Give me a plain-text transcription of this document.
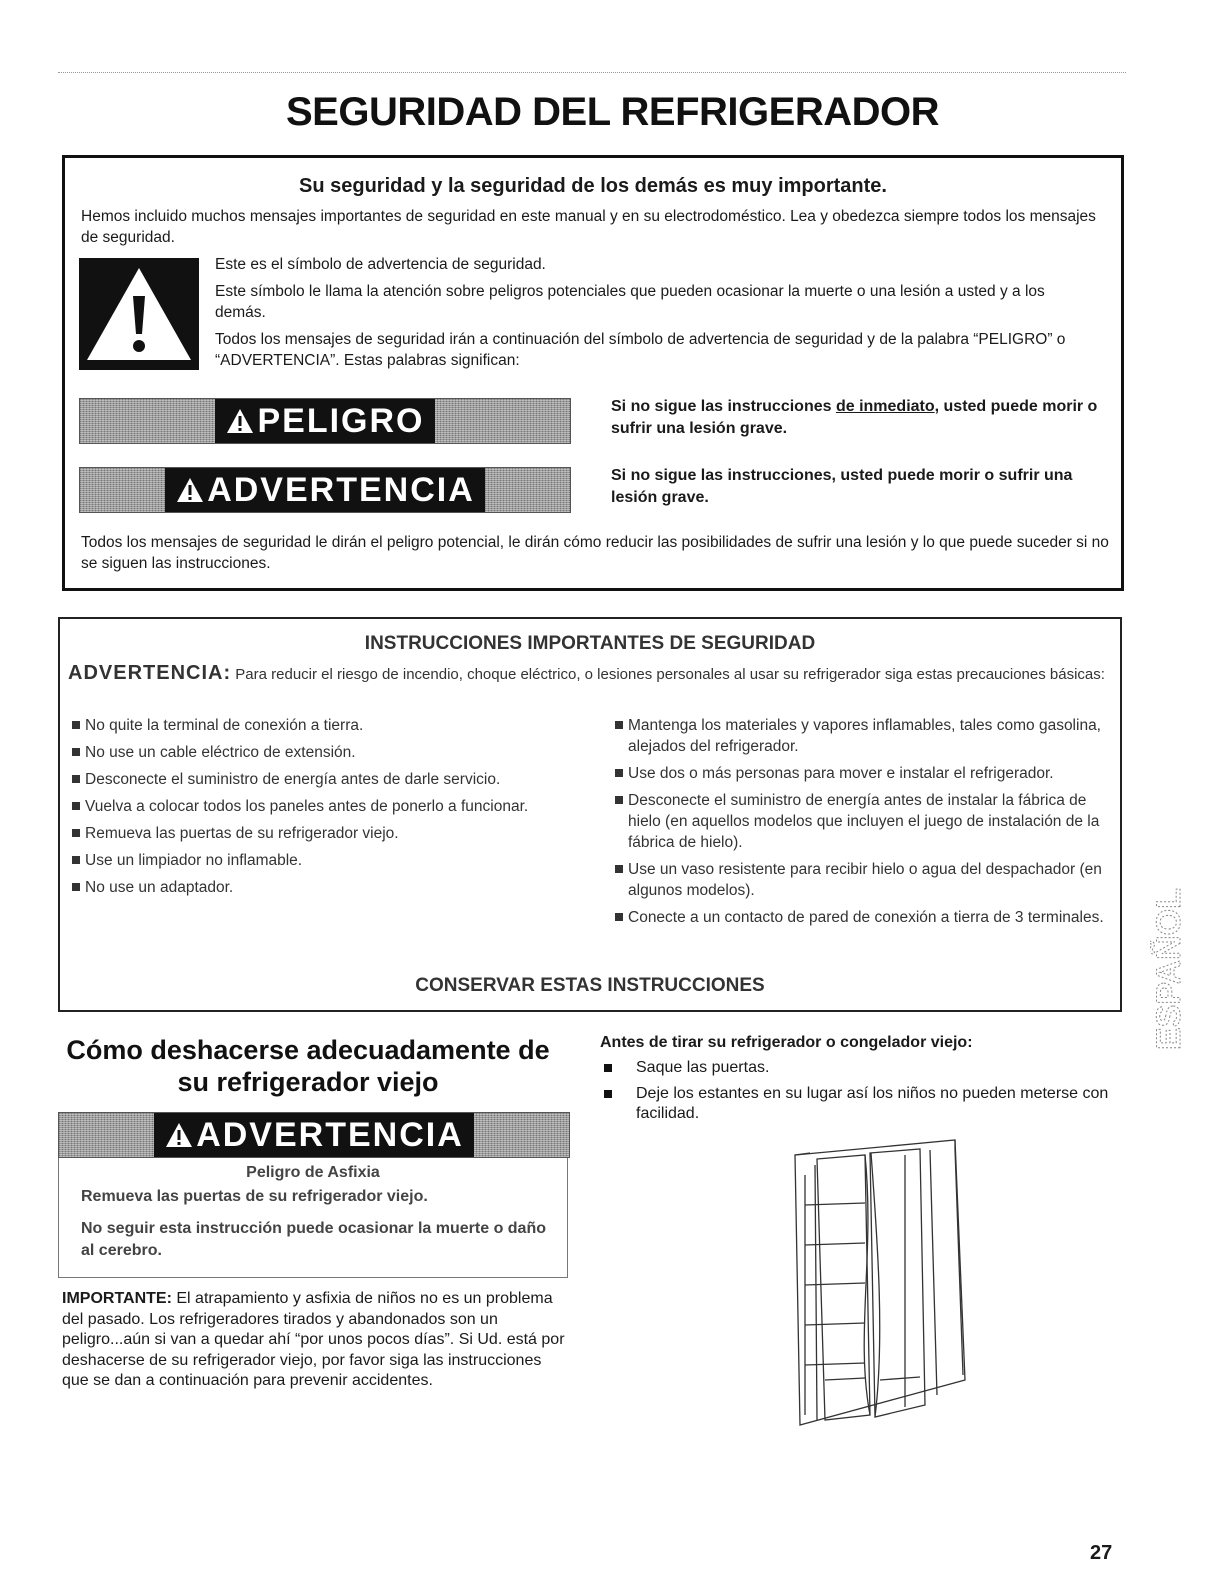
SEGURIDAD DEL REFRIGERADOR
Su seguridad y la seguridad de los demás es muy importante.
Hemos incluido muchos mensajes importantes de seguridad en este manual y en su electrodoméstico. Lea y obedezca siempre todos los mensajes de seguridad.

Este es el símbolo de advertencia de seguridad.

Este símbolo le llama la atención sobre peligros potenciales que pueden ocasionar la muerte o una lesión a usted y a los demás.

Todos los mensajes de seguridad irán a continuación del símbolo de advertencia de seguridad y de la palabra “PELIGRO” o “ADVERTENCIA”. Estas palabras significan:

PELIGRO	Si no sigue las instrucciones de inmediato, usted puede morir o sufrir una lesión grave.
ADVERTENCIA	Si no sigue las instrucciones, usted puede morir o sufrir una lesión grave.
Todos los mensajes de seguridad le dirán el peligro potencial, le dirán cómo reducir las posibilidades de sufrir una lesión y lo que puede suceder si no se siguen las instrucciones.
INSTRUCCIONES IMPORTANTES DE SEGURIDAD
ADVERTENCIA: Para reducir el riesgo de incendio, choque eléctrico, o lesiones personales al usar su refrigerador siga estas precauciones básicas:
No quite la terminal de conexión a tierra.
No use un cable eléctrico de extensión.
Desconecte el suministro de energía antes de darle servicio.
Vuelva a colocar todos los paneles antes de ponerlo a funcionar.
Remueva las puertas de su refrigerador viejo.
Use un limpiador no inflamable.
No use un adaptador.
Mantenga los materiales y vapores inflamables, tales como gasolina, alejados del refrigerador.
Use dos o más personas para mover e instalar el refrigerador.
Desconecte el suministro de energía antes de instalar la fábrica de hielo (en aquellos modelos que incluyen el juego de instalación de la fábrica de hielo).
Use un vaso resistente para recibir hielo o agua del despachador (en algunos modelos).
Conecte a un contacto de pared de conexión a tierra de 3 terminales.
CONSERVAR ESTAS INSTRUCCIONES
Cómo deshacerse adecuadamente de su refrigerador viejo
ADVERTENCIA
Peligro de Asfixia
Remueva las puertas de su refrigerador viejo.
No seguir esta instrucción puede ocasionar la muerte o daño al cerebro.
IMPORTANTE: El atrapamiento y asfixia de niños no es un problema del pasado. Los refrigeradores tirados y abandonados son un peligro...aún si van a quedar ahí “por unos pocos días”. Si Ud. está por deshacerse de su refrigerador viejo, por favor siga las instrucciones que se dan a continuación para prevenir accidentes.
Antes de tirar su refrigerador o congelador viejo:
Saque las puertas.
Deje los estantes en su lugar así los niños no pueden meterse con facilidad.
ESPAÑOL
27
